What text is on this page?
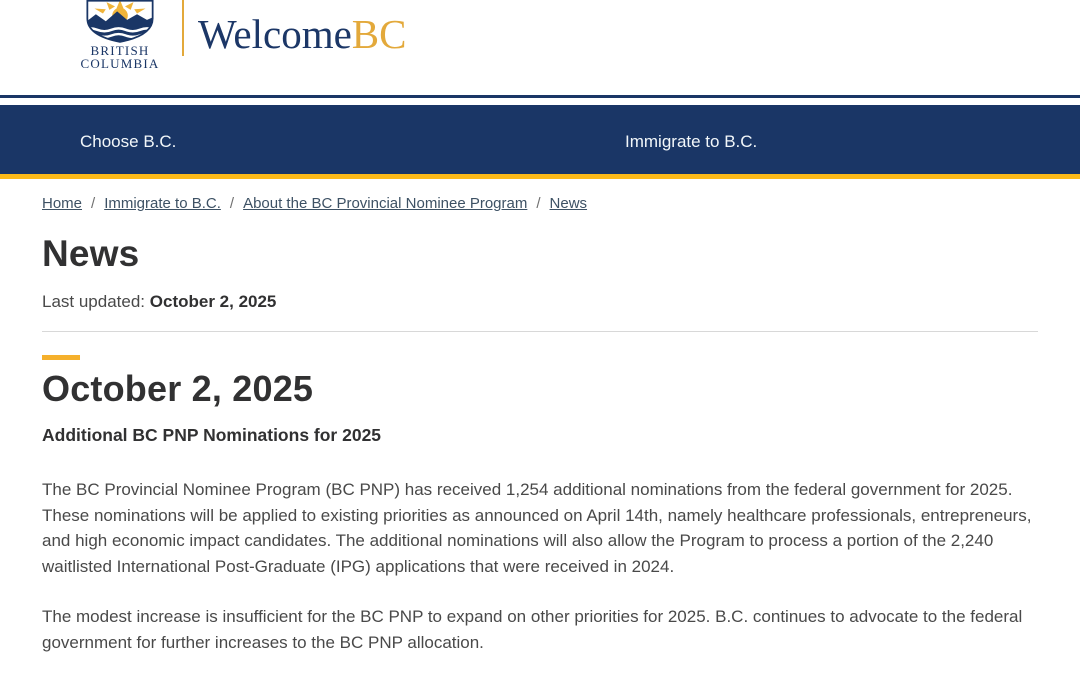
BRITISH
COLUMBIA
WelcomeBC
Choose B.C.	Immigrate to B.C.
Home / Immigrate to B.C. / About the BC Provincial Nominee Program / News
News

Last updated: October 2, 2025

October 2, 2025
Additional BC PNP Nominations for 2025

The BC Provincial Nominee Program (BC PNP) has received 1,254 additional nominations from the federal government for 2025. These nominations will be applied to existing priorities as announced on April 14th, namely healthcare professionals, entrepreneurs, and high economic impact candidates. The additional nominations will also allow the Program to process a portion of the 2,240 waitlisted International Post-Graduate (IPG) applications that were received in 2024.

The modest increase is insufficient for the BC PNP to expand on other priorities for 2025. B.C. continues to advocate to the federal government for further increases to the BC PNP allocation.
